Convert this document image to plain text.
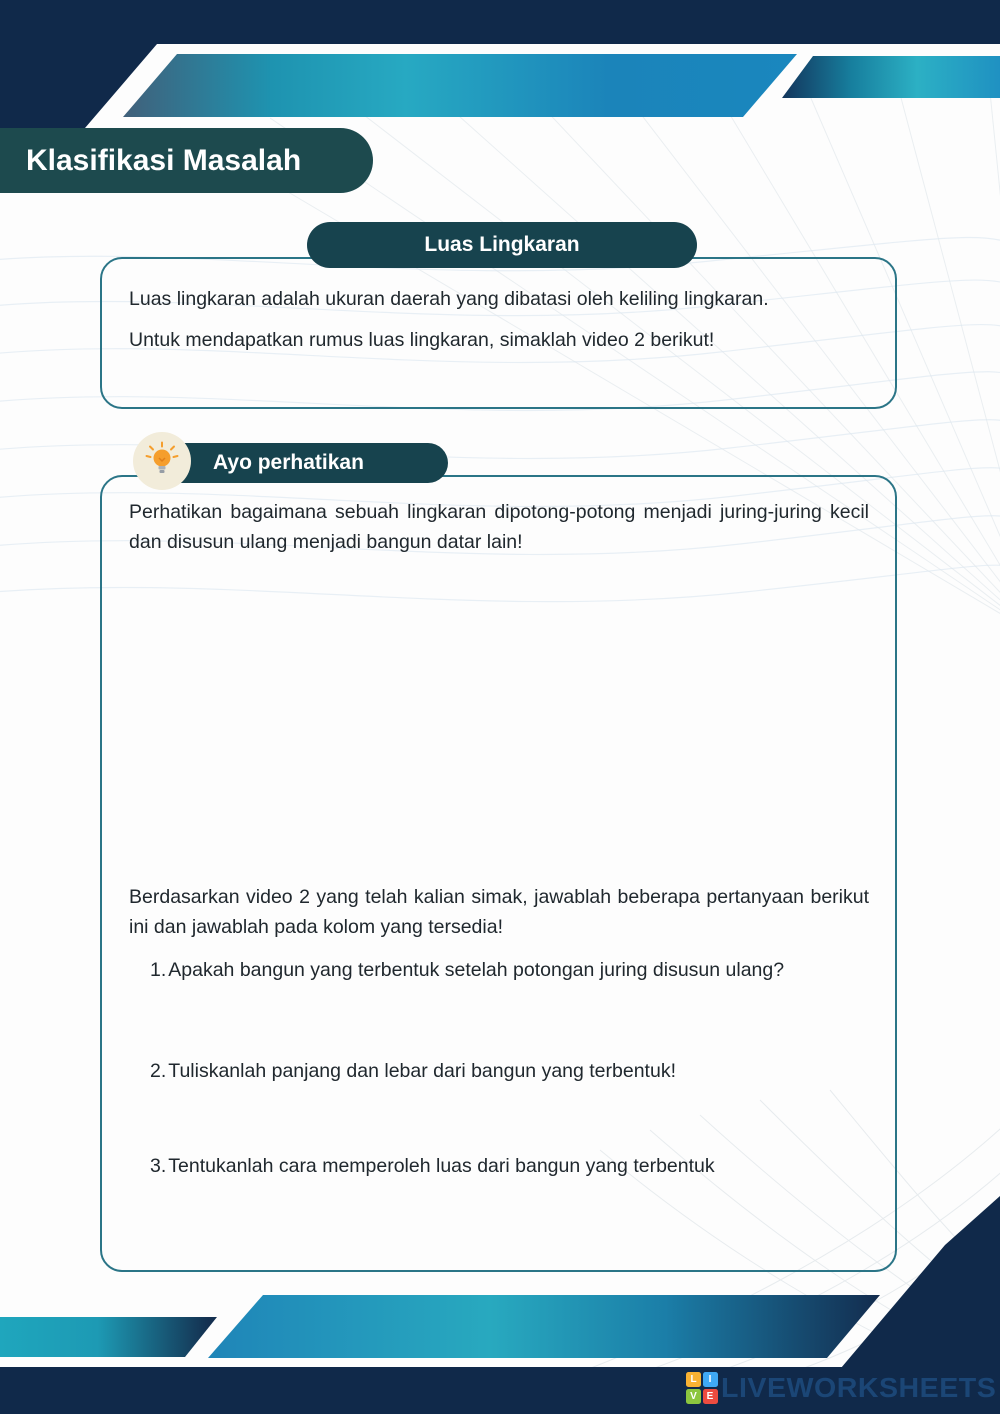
Klasifikasi Masalah
Luas Lingkaran

Luas lingkaran adalah ukuran daerah yang dibatasi oleh keliling lingkaran.

Untuk mendapatkan rumus luas lingkaran, simaklah video 2 berikut!

Ayo perhatikan

Perhatikan bagaimana sebuah lingkaran dipotong-potong menjadi juring-juring kecil dan disusun ulang menjadi bangun datar lain!

Berdasarkan video 2 yang telah kalian simak, jawablah beberapa pertanyaan berikut ini dan jawablah pada kolom yang tersedia!

1. Apakah bangun yang terbentuk setelah potongan juring disusun ulang?
2. Tuliskanlah panjang dan lebar dari bangun yang terbentuk!
3. Tentukanlah cara memperoleh luas dari bangun yang terbentuk
L	I
V E LIVEWORKSHEETS
